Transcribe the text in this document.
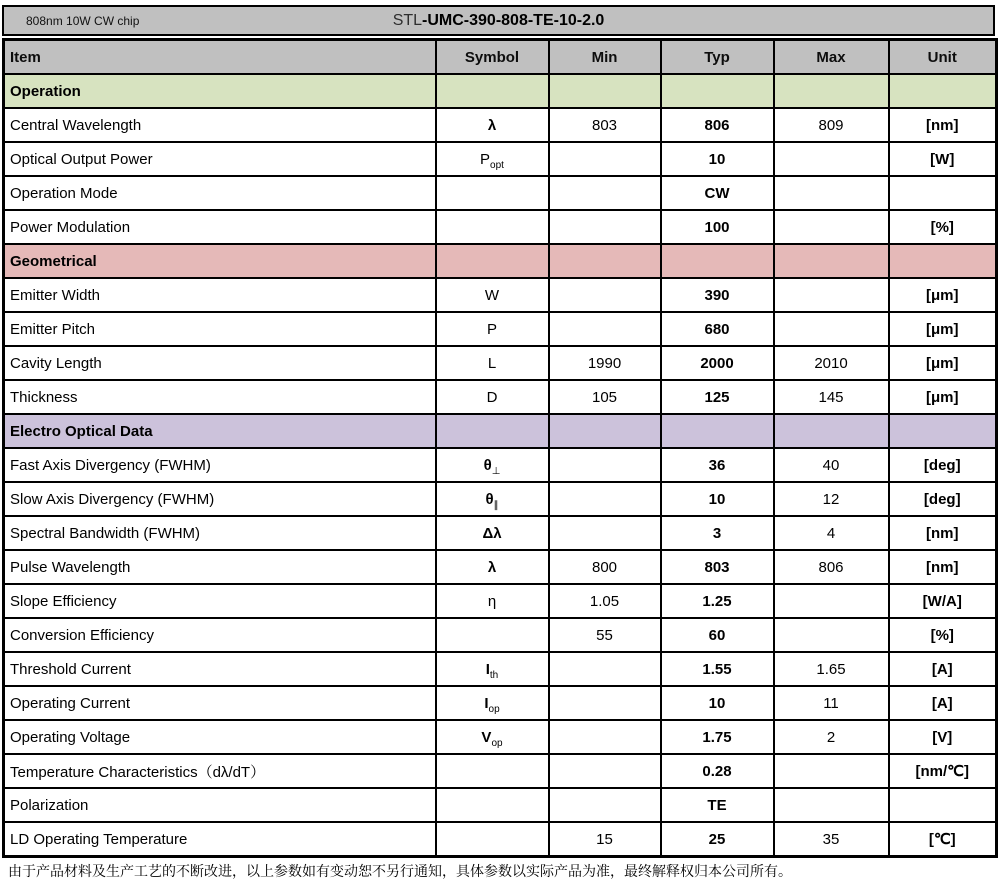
808nm 10W CW chip	STL-UMC-390-808-TE-10-2.0
Item	Symbol	Min	Typ	Max	Unit
Operation					
Central Wavelength	λ	803	806	809	[nm]
Optical Output Power	$P_{opt}$		10		[W]
Operation Mode			CW		
Power Modulation			100		[%]
Geometrical					
Emitter Width	W		390		[μm]
Emitter Pitch	P		680		[μm]
Cavity Length	L	1990	2000	2010	[μm]
Thickness	D	105	125	145	[μm]
Electro Optical Data					
Fast Axis Divergency (FWHM)	$\theta_\perp$		36	40	[deg]
Slow Axis Divergency (FWHM)	$\theta_\parallel$		10	12	[deg]
Spectral Bandwidth (FWHM)	Δλ		3	4	[nm]
Pulse Wavelength	λ	800	803	806	[nm]
Slope Efficiency	η	1.05	1.25		[W/A]
Conversion Efficiency		55	60		[%]
Threshold Current	$I_{th}$		1.55	1.65	[A]
Operating Current	$I_{op}$		10	11	[A]
Operating Voltage	$V_{op}$		1.75	2	[V]
Temperature Characteristics（dλ/dT）			0.28		[nm/℃]
Polarization			TE		
LD Operating Temperature		15	25	35	[℃]
由于产品材料及生产工艺的不断改进，以上参数如有变动恕不另行通知，具体参数以实际产品为准，最终解释权归本公司所有。
